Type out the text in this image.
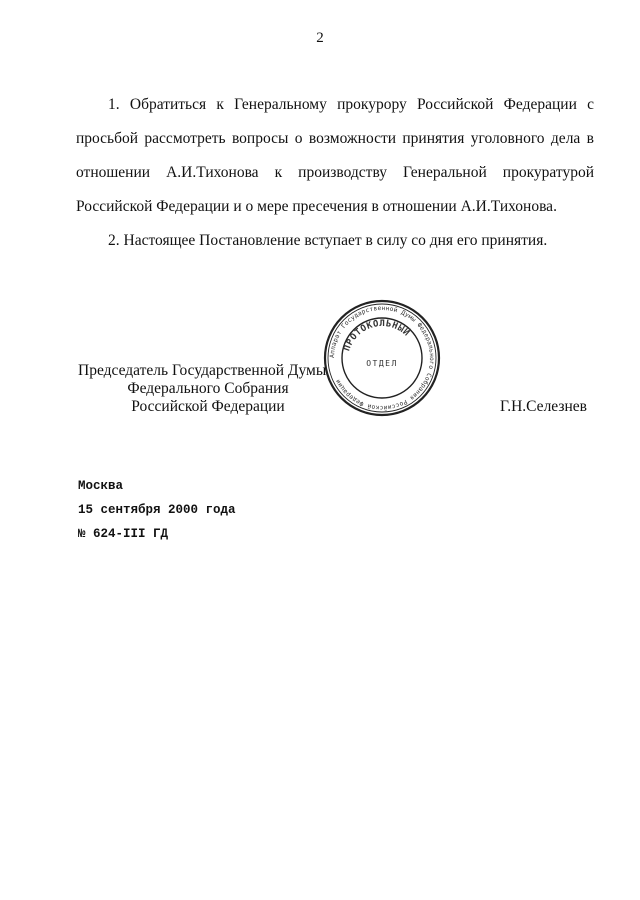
2
1. Обратиться к Генеральному прокурору Российской Федерации с
просьбой рассмотреть вопросы о возможности принятия уголовного дела в
отношении А.И.Тихонова к производству Генеральной прокуратурой
Российской Федерации и о мере пресечения в отношении А.И.Тихонова.
2. Настоящее Постановление вступает в силу со дня его принятия.
Аппарат Государственной Думы Федерального Собрания Российской Федерации
ПРОТОКОЛЬНЫЙ
ОТДЕЛ
Председатель Государственной Думы
Федерального Собрания
Российской Федерации	Г.Н.Селезнев
Москва
15 сентября 2000 года
№ 624-III ГД
